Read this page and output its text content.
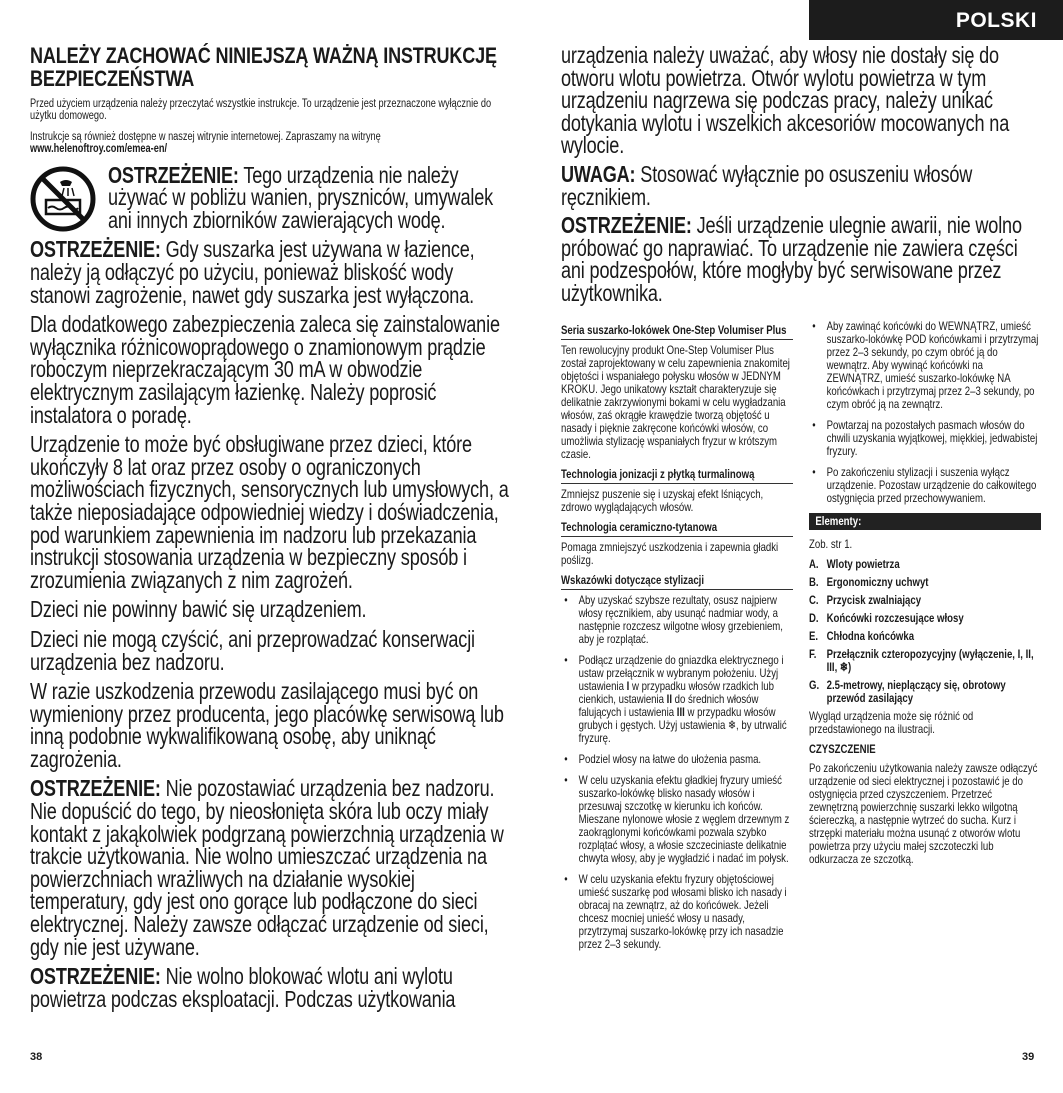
POLSKI
NALEŻY ZACHOWAĆ NINIEJSZĄ WAŻNĄ INSTRUKCJĘ BEZPIECZEŃSTWA

Przed użyciem urządzenia należy przeczytać wszystkie instrukcje. To urządzenie jest przeznaczone wyłącznie do użytku domowego.

Instrukcje są również dostępne w naszej witrynie internetowej. Zapraszamy na witrynę
www.helenoftroy.com/emea-en/

OSTRZEŻENIE: Tego urządzenia nie należy używać w pobliżu wanien, pryszniców, umywalek ani innych zbiorników zawierających wodę.

OSTRZEŻENIE: Gdy suszarka jest używana w łazience, należy ją odłączyć po użyciu, ponieważ bliskość wody stanowi zagrożenie, nawet gdy suszarka jest wyłączona.

Dla dodatkowego zabezpieczenia zaleca się zainstalowanie wyłącznika różnicowoprądowego o znamionowym prądzie roboczym nieprzekraczającym 30 mA w obwodzie elektrycznym zasilającym łazienkę. Należy poprosić instalatora o poradę.

Urządzenie to może być obsługiwane przez dzieci, które ukończyły 8 lat oraz przez osoby o ograniczonych możliwościach fizycznych, sensorycznych lub umysłowych, a także nieposiadające odpowiedniej wiedzy i doświadczenia, pod warunkiem zapewnienia im nadzoru lub przekazania instrukcji stosowania urządzenia w bezpieczny sposób i zrozumienia związanych z nim zagrożeń.

Dzieci nie powinny bawić się urządzeniem.

Dzieci nie mogą czyścić, ani przeprowadzać konserwacji urządzenia bez nadzoru.

W razie uszkodzenia przewodu zasilającego musi być on wymieniony przez producenta, jego placówkę serwisową lub inną podobnie wykwalifikowaną osobę, aby uniknąć zagrożenia.

OSTRZEŻENIE: Nie pozostawiać urządzenia bez nadzoru. Nie dopuścić do tego, by nieosłonięta skóra lub oczy miały kontakt z jakąkolwiek podgrzaną powierzchnią urządzenia w trakcie użytkowania. Nie wolno umieszczać urządzenia na powierzchniach wrażliwych na działanie wysokiej temperatury, gdy jest ono gorące lub podłączone do sieci elektrycznej. Należy zawsze odłączać urządzenie od sieci, gdy nie jest używane.

OSTRZEŻENIE: Nie wolno blokować wlotu ani wylotu powietrza podczas eksploatacji. Podczas użytkowania

38

urządzenia należy uważać, aby włosy nie dostały się do otworu wlotu powietrza. Otwór wylotu powietrza w tym urządzeniu nagrzewa się podczas pracy, należy unikać dotykania wylotu i wszelkich akcesoriów mocowanych na wylocie.

UWAGA: Stosować wyłącznie po osuszeniu włosów ręcznikiem.

OSTRZEŻENIE: Jeśli urządzenie ulegnie awarii, nie wolno próbować go naprawiać. To urządzenie nie zawiera części ani podzespołów, które mogłyby być serwisowane przez użytkownika.

Seria suszarko-lokówek One-Step Volumiser Plus

Ten rewolucyjny produkt One-Step Volumiser Plus został zaprojektowany w celu zapewnienia znakomitej objętości i wspaniałego połysku włosów w JEDNYM KROKU. Jego unikatowy kształt charakteryzuje się delikatnie zakrzywionymi bokami w celu wygładzania włosów, zaś okrągłe krawędzie tworzą objętość u nasady i pięknie zakręcone końcówki włosów, co umożliwia stylizację wspaniałych fryzur w krótszym czasie.

Technologia jonizacji z płytką turmalinową

Zmniejsz puszenie się i uzyskaj efekt lśniących, zdrowo wyglądających włosów.

Technologia ceramiczno-tytanowa

Pomaga zmniejszyć uszkodzenia i zapewnia gładki poślizg.

Wskazówki dotyczące stylizacji
• Aby uzyskać szybsze rezultaty, osusz najpierw włosy ręcznikiem, aby usunąć nadmiar wody, a następnie rozczesz wilgotne włosy grzebieniem, aby je rozplątać.
• Podłącz urządzenie do gniazdka elektrycznego i ustaw przełącznik w wybranym położeniu. Użyj ustawienia I w przypadku włosów rzadkich lub cienkich, ustawienia II do średnich włosów falujących i ustawienia III w przypadku włosów grubych i gęstych. Użyj ustawienia ❄, by utrwalić fryzurę.
• Podziel włosy na łatwe do ułożenia pasma.
• W celu uzyskania efektu gładkiej fryzury umieść suszarko-lokówkę blisko nasady włosów i przesuwaj szczotkę w kierunku ich końców. Mieszane nylonowe włosie z węglem drzewnym z zaokrąglonymi końcówkami pozwala szybko rozplątać włosy, a włosie szczeciniaste delikatnie chwyta włosy, aby je wygładzić i nadać im połysk.
• W celu uzyskania efektu fryzury objętościowej umieść suszarkę pod włosami blisko ich nasady i obracaj na zewnątrz, aż do końcówek. Jeżeli chcesz mocniej unieść włosy u nasady, przytrzymaj suszarko-lokówkę przy ich nasadzie przez 2–3 sekundy.
• Aby zawinąć końcówki do WEWNĄTRZ, umieść suszarko-lokówkę POD końcówkami i przytrzymaj przez 2–3 sekundy, po czym obróć ją do wewnątrz. Aby wywinąć końcówki na ZEWNĄTRZ, umieść suszarko-lokówkę NA końcówkach i przytrzymaj przez 2–3 sekundy, po czym obróć ją na zewnątrz.
• Powtarzaj na pozostałych pasmach włosów do chwili uzyskania wyjątkowej, miękkiej, jedwabistej fryzury.
• Po zakończeniu stylizacji i suszenia wyłącz urządzenie. Pozostaw urządzenie do całkowitego ostygnięcia przed przechowywaniem.
Elementy:

Zob. str 1.

A. Wloty powietrza
B. Ergonomiczny uchwyt
C. Przycisk zwalniający
D. Końcówki rozczesujące włosy
E. Chłodna końcówka
F. Przełącznik czteropozycyjny (wyłączenie, I, II, III, ❄)
G. 2.5-metrowy, nieplączący się, obrotowy przewód zasilający

Wygląd urządzenia może się różnić od przedstawionego na ilustracji.

CZYSZCZENIE

Po zakończeniu użytkowania należy zawsze odłączyć urządzenie od sieci elektrycznej i pozostawić je do ostygnięcia przed czyszczeniem. Przetrzeć zewnętrzną powierzchnię suszarki lekko wilgotną ściereczką, a następnie wytrzeć do sucha. Kurz i strzępki materiału można usunąć z otworów wlotu powietrza przy użyciu małej szczoteczki lub odkurzacza ze szczotką.

39
